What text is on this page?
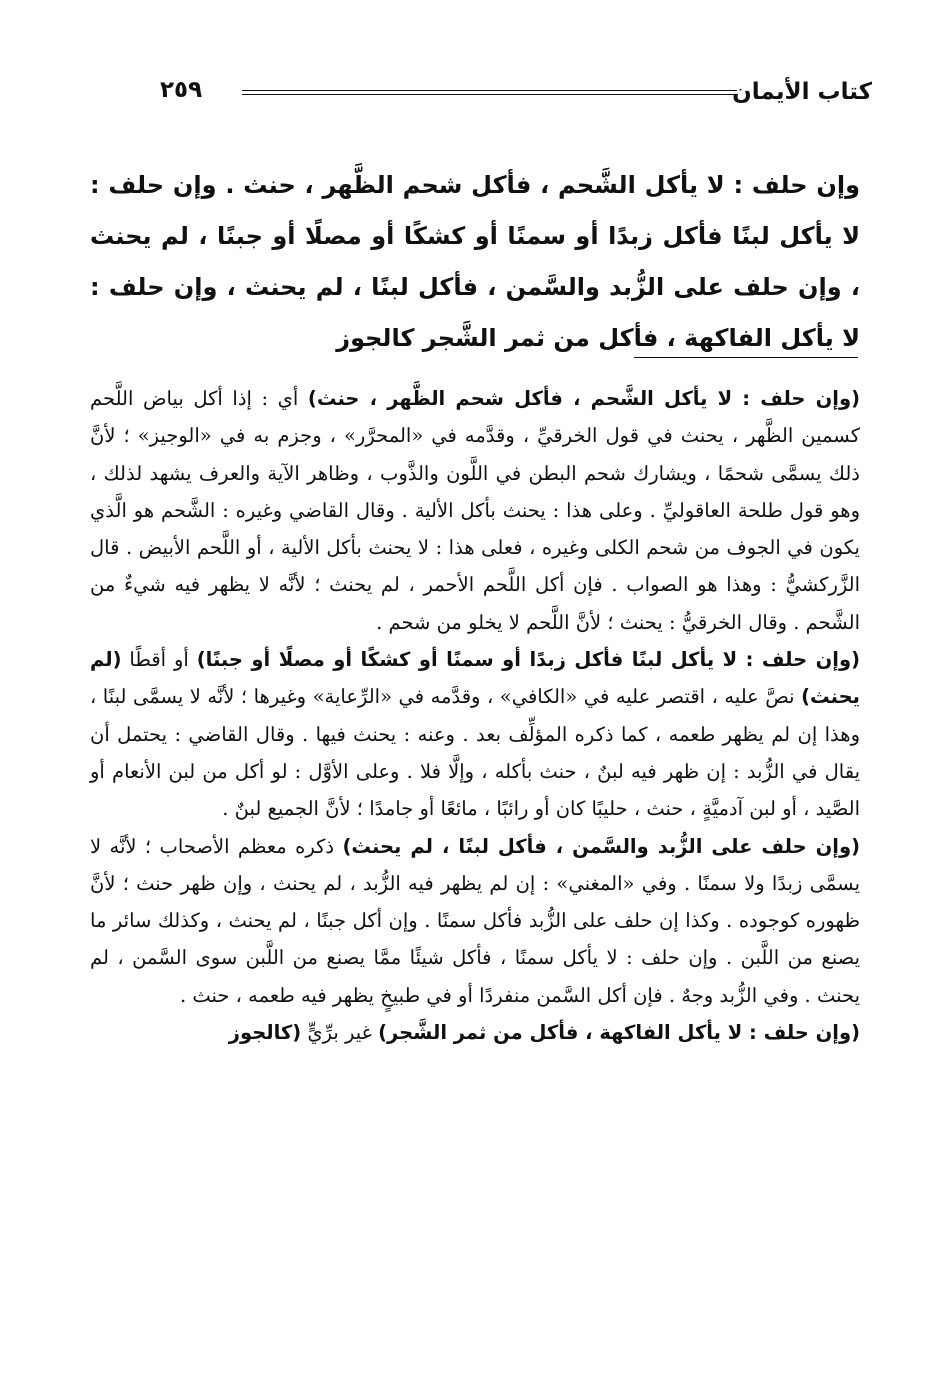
كتاب الأيمان
٢٥٩
وإن حلف : لا يأكل الشَّحم ، فأكل شحم الظَّهر ، حنث . وإن حلف : لا يأكل لبنًا فأكل زبدًا أو سمنًا أو كشكًا أو مصلًا أو جبنًا ، لم يحنث ، وإن حلف على الزُّبد والسَّمن ، فأكل لبنًا ، لم يحنث ، وإن حلف : لا يأكل الفاكهة ، فأكل من ثمر الشَّجر كالجوز

(وإن حلف : لا يأكل الشَّحم ، فأكل شحم الظَّهر ، حنث) أي : إذا أكل بياض اللَّحم كسمين الظَّهر ، يحنث في قول الخرقيِّ ، وقدَّمه في «المحرَّر» ، وجزم به في «الوجيز» ؛ لأنَّ ذلك يسمَّى شحمًا ، ويشارك شحم البطن في اللَّون والذَّوب ، وظاهر الآية والعرف يشهد لذلك ، وهو قول طلحة العاقوليِّ . وعلى هذا : يحنث بأكل الألية . وقال القاضي وغيره : الشَّحم هو الَّذي يكون في الجوف من شحم الكلى وغيره ، فعلى هذا : لا يحنث بأكل الألية ، أو اللَّحم الأبيض . قال الزَّركشيُّ : وهذا هو الصواب . فإن أكل اللَّحم الأحمر ، لم يحنث ؛ لأنَّه لا يظهر فيه شيءٌ من الشَّحم . وقال الخرقيُّ : يحنث ؛ لأنَّ اللَّحم لا يخلو من شحم .

(وإن حلف : لا يأكل لبنًا فأكل زبدًا أو سمنًا أو كشكًا أو مصلًا أو جبنًا) أو أقطًا (لم يحنث) نصَّ عليه ، اقتصر عليه في «الكافي» ، وقدَّمه في «الرِّعاية» وغيرها ؛ لأنَّه لا يسمَّى لبنًا ، وهذا إن لم يظهر طعمه ، كما ذكره المؤلِّف بعد . وعنه : يحنث فيها . وقال القاضي : يحتمل أن يقال في الزُّبد : إن ظهر فيه لبنٌ ، حنث بأكله ، وإلَّا فلا . وعلى الأوَّل : لو أكل من لبن الأنعام أو الصَّيد ، أو لبن آدميَّةٍ ، حنث ، حليبًا كان أو رائبًا ، مائعًا أو جامدًا ؛ لأنَّ الجميع لبنٌ .

(وإن حلف على الزُّبد والسَّمن ، فأكل لبنًا ، لم يحنث) ذكره معظم الأصحاب ؛ لأنَّه لا يسمَّى زبدًا ولا سمنًا . وفي «المغني» : إن لم يظهر فيه الزُّبد ، لم يحنث ، وإن ظهر حنث ؛ لأنَّ ظهوره كوجوده . وكذا إن حلف على الزُّبد فأكل سمنًا . وإن أكل جبنًا ، لم يحنث ، وكذلك سائر ما يصنع من اللَّبن . وإن حلف : لا يأكل سمنًا ، فأكل شيئًا ممَّا يصنع من اللَّبن سوى السَّمن ، لم يحنث . وفي الزُّبد وجهٌ . فإن أكل السَّمن منفردًا أو في طبيخٍ يظهر فيه طعمه ، حنث .

(وإن حلف : لا يأكل الفاكهة ، فأكل من ثمر الشَّجر) غير برِّيٍّ (كالجوز
